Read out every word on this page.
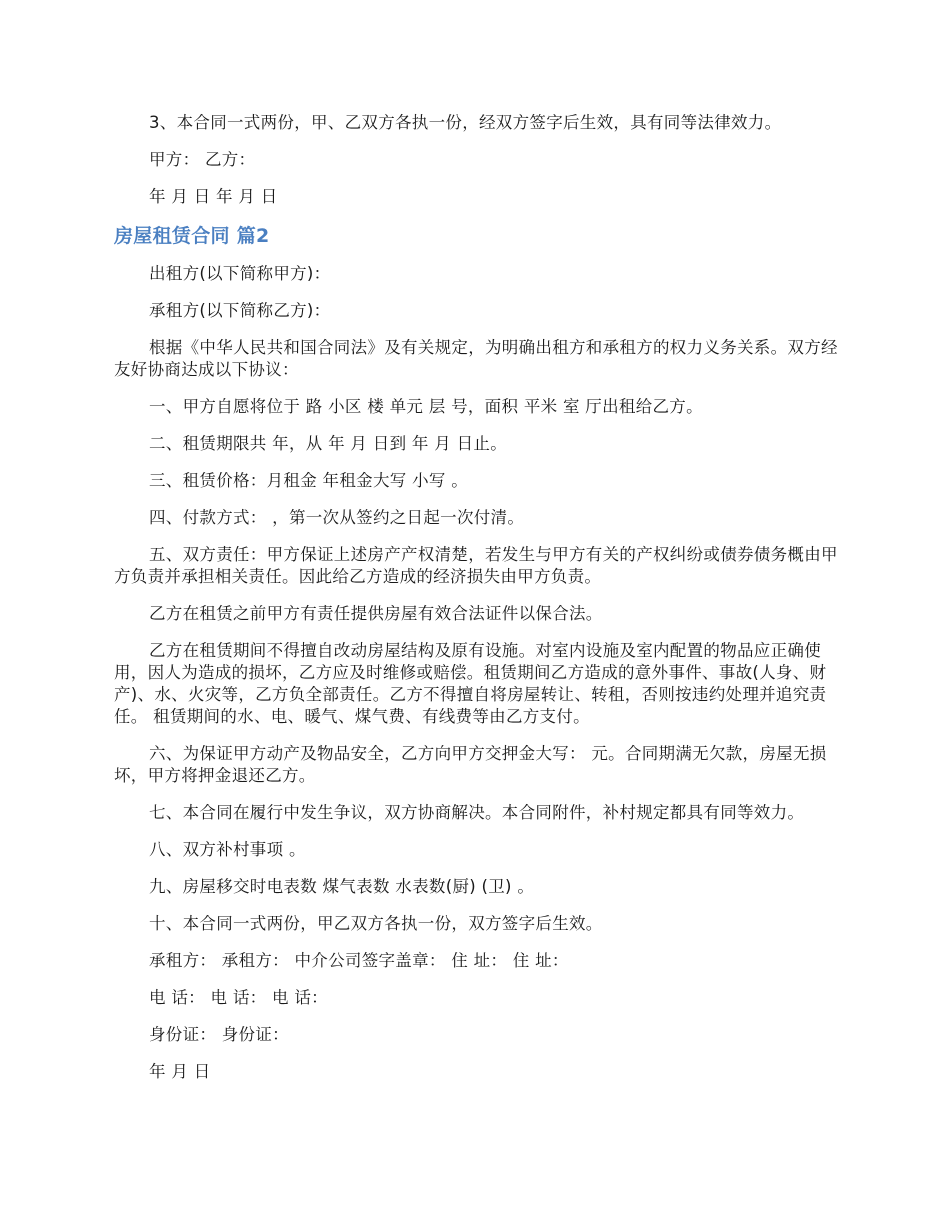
3、本合同一式两份，甲、乙双方各执一份，经双方签字后生效，具有同等法律效力。

甲方： 乙方：

年 月 日 年 月 日

房屋租赁合同 篇2

出租方(以下简称甲方)：

承租方(以下简称乙方)：

根据《中华人民共和国合同法》及有关规定，为明确出租方和承租方的权力义务关系。双方经友好协商达成以下协议：

一、甲方自愿将位于 路 小区 楼 单元 层 号，面积 平米 室 厅出租给乙方。

二、租赁期限共 年，从 年 月 日到 年 月 日止。

三、租赁价格：月租金 年租金大写 小写 。

四、付款方式： ，第一次从签约之日起一次付清。

五、双方责任：甲方保证上述房产产权清楚，若发生与甲方有关的产权纠纷或债券债务概由甲方负责并承担相关责任。因此给乙方造成的经济损失由甲方负责。

乙方在租赁之前甲方有责任提供房屋有效合法证件以保合法。

乙方在租赁期间不得擅自改动房屋结构及原有设施。对室内设施及室内配置的物品应正确使用，因人为造成的损坏，乙方应及时维修或赔偿。租赁期间乙方造成的意外事件、事故(人身、财产)、水、火灾等，乙方负全部责任。乙方不得擅自将房屋转让、转租，否则按违约处理并追究责任。 租赁期间的水、电、暖气、煤气费、有线费等由乙方支付。

六、为保证甲方动产及物品安全，乙方向甲方交押金大写： 元。合同期满无欠款，房屋无损坏，甲方将押金退还乙方。

七、本合同在履行中发生争议，双方协商解决。本合同附件，补村规定都具有同等效力。

八、双方补村事项 。

九、房屋移交时电表数 煤气表数 水表数(厨) (卫) 。

十、本合同一式两份，甲乙双方各执一份，双方签字后生效。

承租方： 承租方： 中介公司签字盖章： 住 址： 住 址：

电 话： 电 话： 电 话：

身份证： 身份证：

年 月 日
